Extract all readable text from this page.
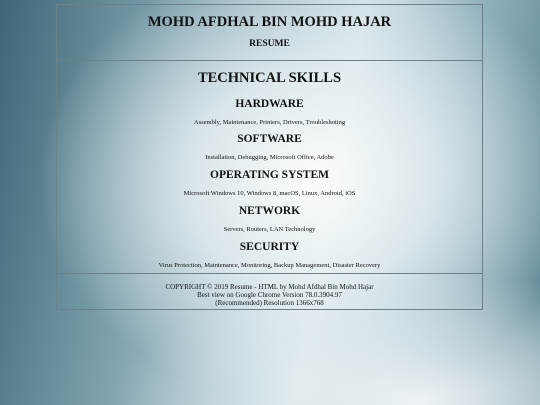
MOHD AFDHAL BIN MOHD HAJAR
RESUME
TECHNICAL SKILLS
HARDWARE
Assembly, Maintenance, Printers, Drivers, Troubleshoting
SOFTWARE
Installation, Debugging, Microsoft Office, Adobe
OPERATING SYSTEM
Microsoft Windows 10, Windows 8, macOS, Linux, Android, iOS
NETWORK
Servers, Routers, LAN Technology
SECURITY
Virus Protection, Maintenance, Monitoring, Backup Management, Disaster Recovery
COPYRIGHT © 2019 Resume - HTML by Mohd Afdhal Bin Mohd Hajar
Best view on Google Chrome Version 78.0.3904.97
(Recommended) Resolution 1366x768
